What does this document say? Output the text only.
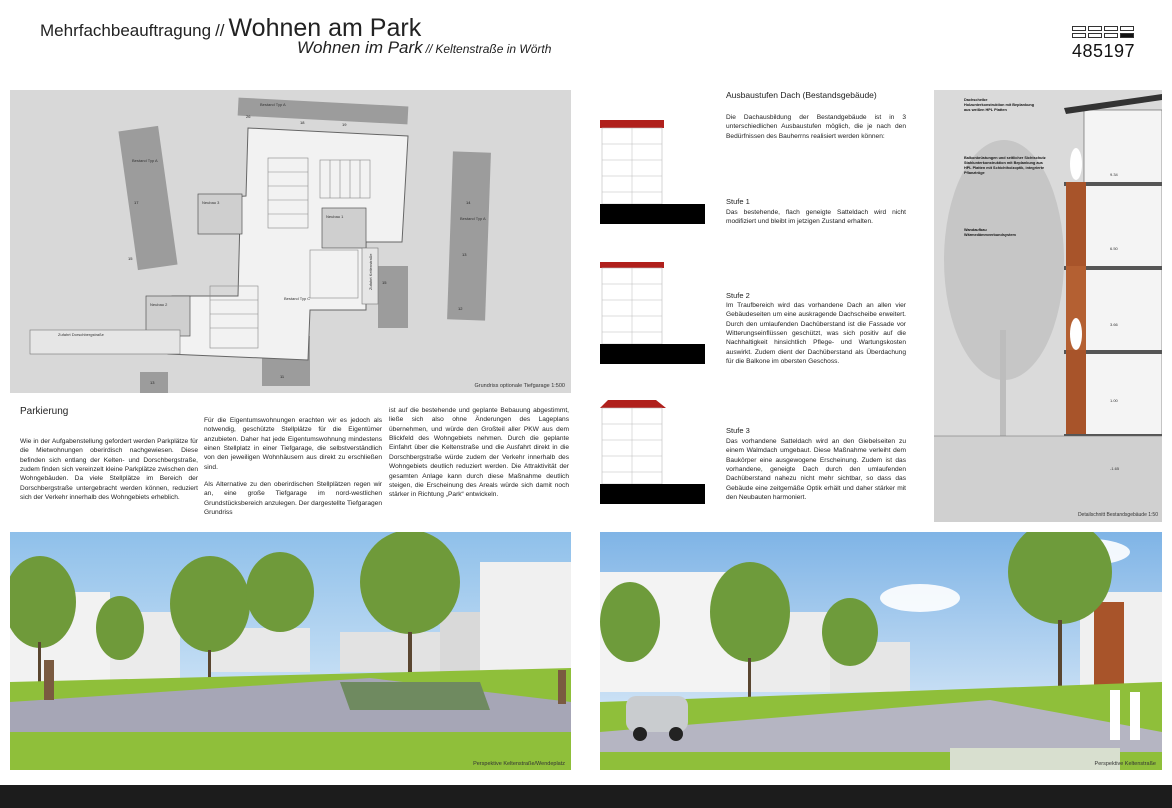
Mehrfachbeauftragung // Wohnen am Park
Wohnen im Park // Keltenstraße in Wörth	485197
Bestand Typ A
Bestand Typ A
Bestand Typ A
Bestand Typ C
Neubau 3
Neubau 1
Neubau 2
Zufahrt Dorschbergstraße
Zufahrt Keltenstraße
26
18	19
17
15
14
13
12
15
11
13
Grundriss optionale Tiefgarage 1:500
Parkierung
Wie in der Aufgabenstellung gefordert werden Parkplätze für die Mietwohnungen oberirdisch nachgewiesen. Diese befinden sich entlang der Kelten- und Dorschbergstraße, zudem finden sich vereinzelt kleine Parkplätze zwischen den Wohngebäuden. Da viele Stellplätze im Bereich der Dorschbergstraße untergebracht werden können, reduziert sich der Verkehr innerhalb des Wohngebiets erheblich.
Für die Eigentumswohnungen erachten wir es jedoch als notwendig, geschützte Stellplätze für die Eigentümer anzubieten. Daher hat jede Eigentumswohnung mindestens einen Stellplatz in einer Tiefgarage, die selbstverständlich von den jeweiligen Wohnhäusern aus direkt zu erschließen sind.
Als Alternative zu den oberirdischen Stellplätzen regen wir an, eine große Tiefgarage im nord-westlichen Grundstücksbereich anzulegen. Der dargestellte Tiefgaragen Grundriss
ist auf die bestehende und geplante Bebauung abgestimmt, ließe sich also ohne Änderungen des Lageplans übernehmen, und würde den Großteil aller PKW aus dem Blickfeld des Wohngebiets nehmen. Durch die geplante Einfahrt über die Keltenstraße und die Ausfahrt direkt in die Dorschbergstraße würde zudem der Verkehr innerhalb des Wohngebiets deutlich reduziert werden. Die Attraktivität der gesamten Anlage kann durch diese Maßnahme deutlich steigen, die Erscheinung des Areals würde sich damit noch stärker in Richtung „Park“ entwickeln.
Ausbaustufen Dach (Bestandsgebäude)
Die Dachausbildung der Bestandgebäude ist in 3 unterschiedlichen Ausbaustufen möglich, die je nach den Bedürfnissen des Bauherrns realisiert werden können:
Stufe 1
Das bestehende, flach geneigte Satteldach wird nicht modifiziert und bleibt im jetzigen Zustand erhalten.
Stufe 2
Im Traufbereich wird das vorhandene Dach an allen vier Gebäudeseiten um eine auskragende Dachscheibe erweitert. Durch den umlaufenden Dachüberstand ist die Fassade vor Witterungseinflüssen geschützt, was sich positiv auf die Nachhaltigkeit hinsichtlich Pflege- und Wartungskosten auswirkt. Zudem dient der Dachüberstand als Überdachung für die Balkone im obersten Geschoss.
Stufe 3
Das vorhandene Satteldach wird an den Giebelseiten zu einem Walmdach umgebaut. Diese Maßnahme verleiht dem Baukörper eine ausgewogene Erscheinung. Zudem ist das vorhandene, geneigte Dach durch den umlaufenden Dachüberstand nahezu nicht mehr sichtbar, so dass das Gebäude eine zeitgemäße Optik erhält und daher stärker mit den Neubauten harmoniert.
Dachscheibe
Holzunterkonstruktion mit Beplankung
aus weißen HPL Platten
Balkonbrüstungen und seitlicher Sichtschutz
Stahlunterkonstruktion mit Beplankung aus
HPL Platten mit Schichtholzoptik, integrierte
Pflanztröge
Wandaufbau
Wärmedämmverbundsystem
9.34
6.50
3.66
1.00
-1.65
Detailschnitt Bestandsgebäude 1:50
Perspektive Keltenstraße/Wendeplatz	Perspektive Keltenstraße
